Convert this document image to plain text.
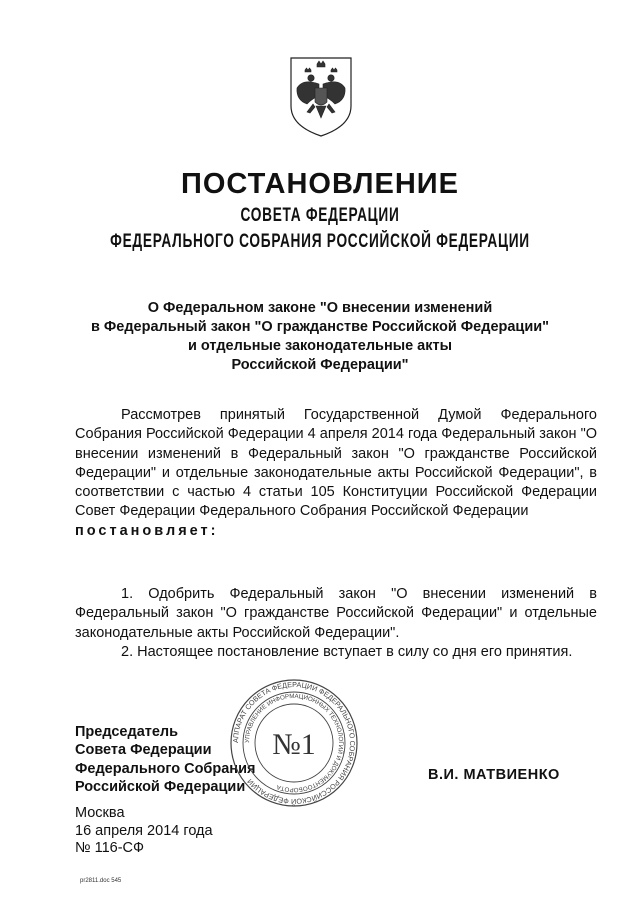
ПОСТАНОВЛЕНИЕ
СОВЕТА ФЕДЕРАЦИИ
ФЕДЕРАЛЬНОГО СОБРАНИЯ РОССИЙСКОЙ ФЕДЕРАЦИИ
О Федеральном законе "О внесении изменений
в Федеральный закон "О гражданстве Российской Федерации"
и отдельные законодательные акты
Российской Федерации"
Рассмотрев принятый Государственной Думой Федерального Собрания Российской Федерации 4 апреля 2014 года Федеральный закон "О внесении изменений в Федеральный закон "О гражданстве Российской Федерации" и отдельные законодательные акты Российской Федерации", в соответствии с частью 4 статьи 105 Конституции Российской Федерации Совет Федерации Федерального Собрания Российской Федерации
постановляет:
1. Одобрить Федеральный закон "О внесении изменений в Федеральный закон "О гражданстве Российской Федерации" и отдельные законодательные акты Российской Федерации".
2. Настоящее постановление вступает в силу со дня его принятия.
Председатель
Совета Федерации
Федерального Собрания
Российской Федерации
АППАРАТ СОВЕТА ФЕДЕРАЦИИ ФЕДЕРАЛЬНОГО СОБРАНИЯ РОССИЙСКОЙ ФЕДЕРАЦИИ
УПРАВЛЕНИЕ ИНФОРМАЦИОННЫХ ТЕХНОЛОГИЙ И ДОКУМЕНТООБОРОТА
№1
В.И. МАТВИЕНКО
Москва
16 апреля 2014 года
№ 116-СФ
pr2811.doc 545
